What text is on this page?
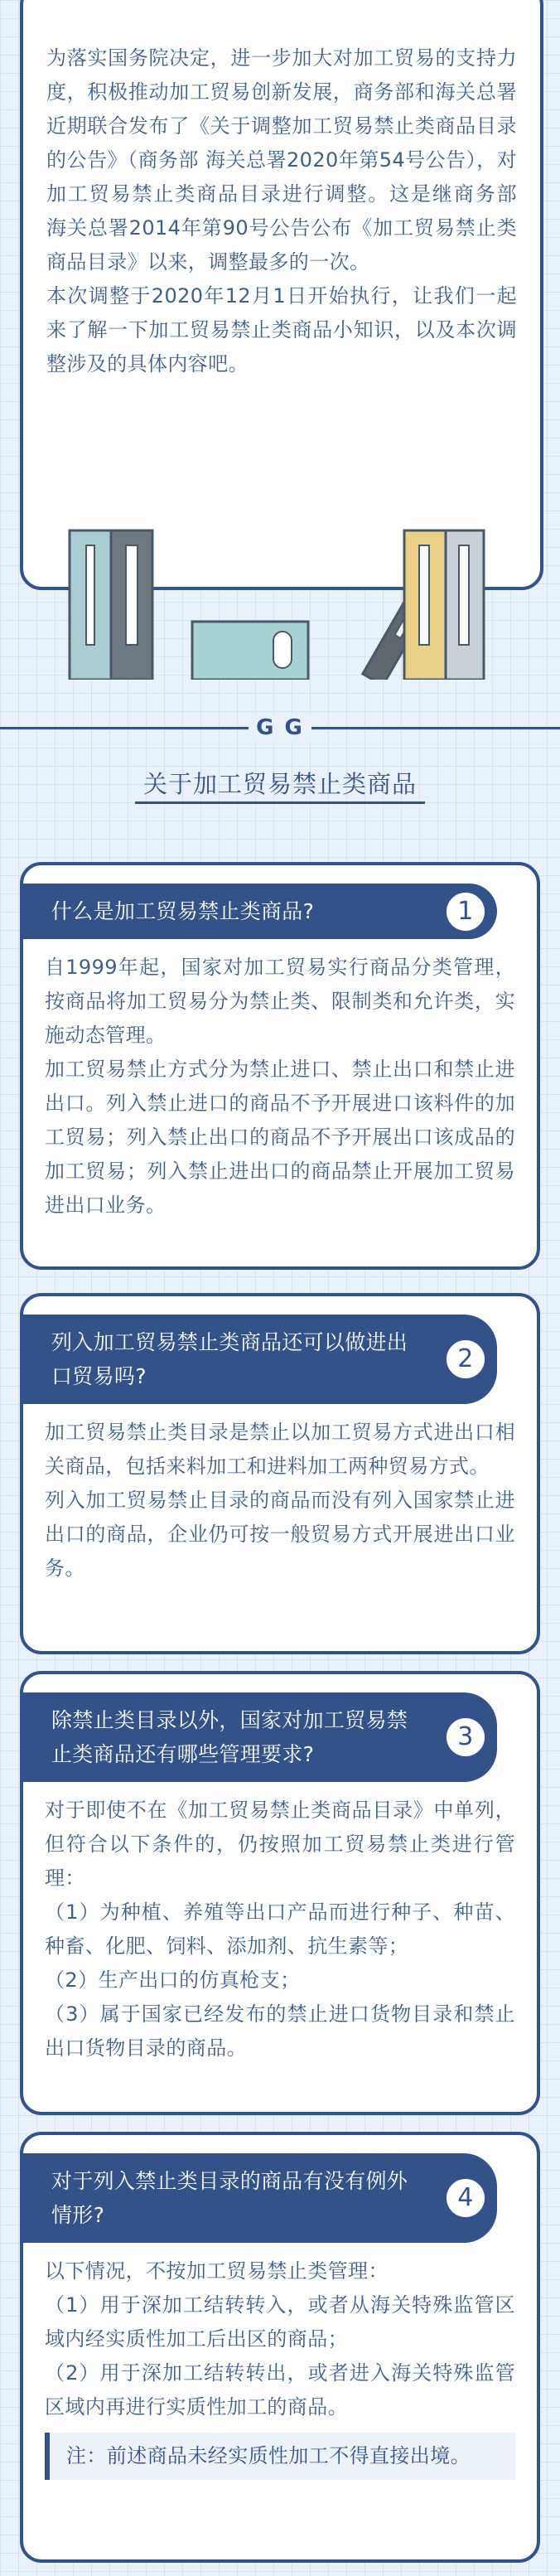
为落实国务院决定，进一步加大对加工贸易的支持力度，积极推动加工贸易创新发展，商务部和海关总署近期联合发布了《关于调整加工贸易禁止类商品目录的公告》（商务部 海关总署2020年第54号公告），对加工贸易禁止类商品目录进行调整。这是继商务部 海关总署2014年第90号公告公布《加工贸易禁止类商品目录》以来，调整最多的一次。

本次调整于2020年12月1日开始执行，让我们一起来了解一下加工贸易禁止类商品小知识，以及本次调整涉及的具体内容吧。

G G
关于加工贸易禁止类商品
什么是加工贸易禁止类商品?	1

自1999年起，国家对加工贸易实行商品分类管理，按商品将加工贸易分为禁止类、限制类和允许类，实施动态管理。

加工贸易禁止方式分为禁止进口、禁止出口和禁止进出口。列入禁止进口的商品不予开展进口该料件的加工贸易；列入禁止出口的商品不予开展出口该成品的加工贸易；列入禁止进出口的商品禁止开展加工贸易进出口业务。

列入加工贸易禁止类商品还可以做进出口贸易吗?
2

加工贸易禁止类目录是禁止以加工贸易方式进出口相关商品，包括来料加工和进料加工两种贸易方式。

列入加工贸易禁止目录的商品而没有列入国家禁止进出口的商品，企业仍可按一般贸易方式开展进出口业务。

除禁止类目录以外，国家对加工贸易禁止类商品还有哪些管理要求?
3

对于即使不在《加工贸易禁止类商品目录》中单列，但符合以下条件的，仍按照加工贸易禁止类进行管理：

（1）为种植、养殖等出口产品而进行种子、种苗、种畜、化肥、饲料、添加剂、抗生素等；

（2）生产出口的仿真枪支；

（3）属于国家已经发布的禁止进口货物目录和禁止出口货物目录的商品。

对于列入禁止类目录的商品有没有例外情形?
4

以下情况，不按加工贸易禁止类管理：

（1）用于深加工结转转入，或者从海关特殊监管区域内经实质性加工后出区的商品；

（2）用于深加工结转转出，或者进入海关特殊监管区域内再进行实质性加工的商品。

注：前述商品未经实质性加工不得直接出境。
